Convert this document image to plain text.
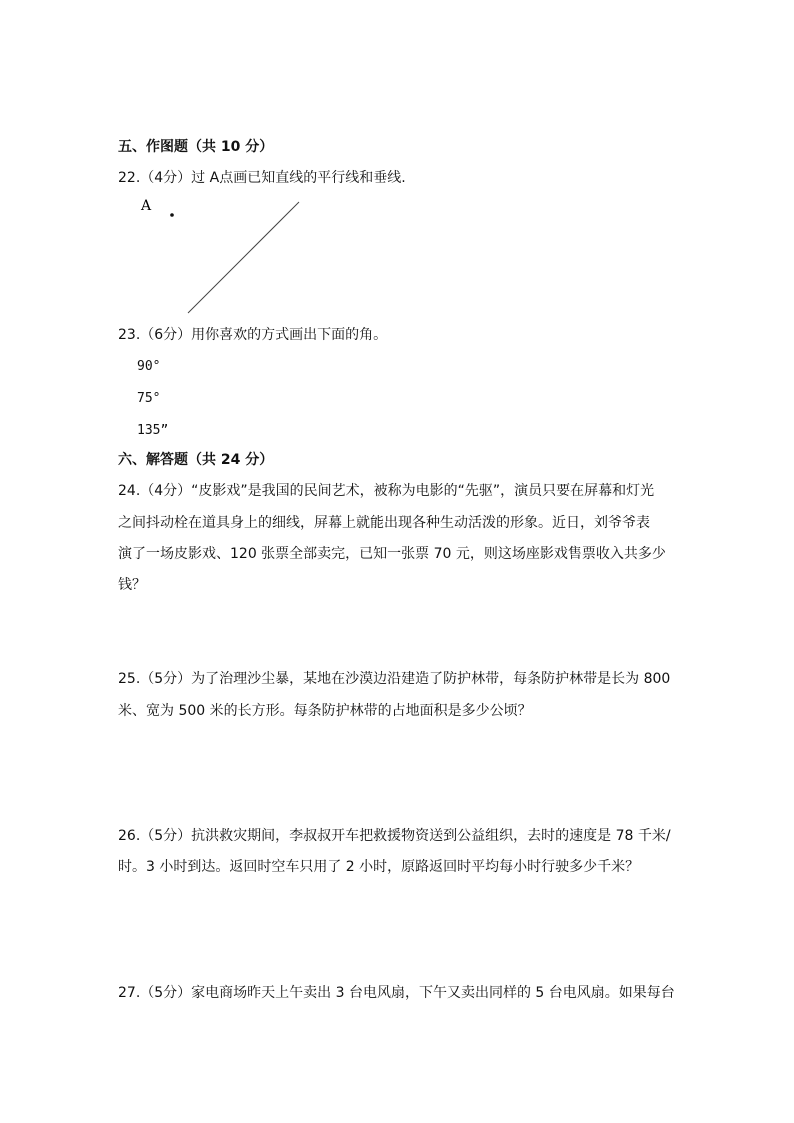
五、作图题（共 10 分）
22.（4分）过 A点画已知直线的平行线和垂线.
A
23.（6分）用你喜欢的方式画出下面的角。
90°
75°
135”
六、解答题（共 24 分）
24.（4分）“皮影戏”是我国的民间艺术，被称为电影的“先驱”，演员只要在屏幕和灯光
之间抖动栓在道具身上的细线，屏幕上就能出现各种生动活泼的形象。近日，刘爷爷表
演了一场皮影戏、120 张票全部卖完，已知一张票 70 元，则这场座影戏售票收入共多少
钱？
25.（5分）为了治理沙尘暴，某地在沙漠边沿建造了防护林带，每条防护林带是长为 800
米、宽为 500 米的长方形。每条防护林带的占地面积是多少公顷？
26.（5分）抗洪救灾期间，李叔叔开车把救援物资送到公益组织，去时的速度是 78 千米/
时。3 小时到达。返回时空车只用了 2 小时，原路返回时平均每小时行驶多少千米？
27.（5分）家电商场昨天上午卖出 3 台电风扇，下午又卖出同样的 5 台电风扇。如果每台
